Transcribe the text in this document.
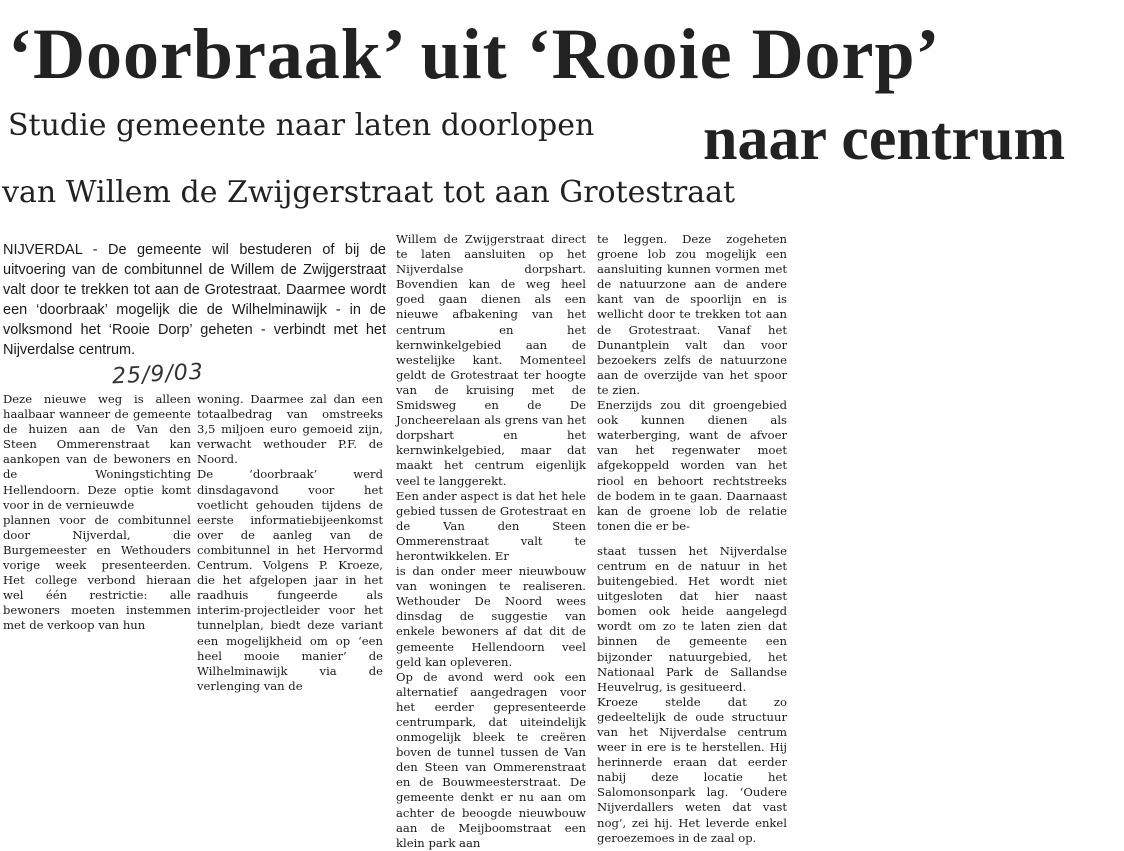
‘Doorbraak’ uit ‘Rooie Dorp’
Studie gemeente naar laten doorlopen naar centrum
van Willem de Zwijgerstraat tot aan Grotestraat

NIJVERDAL - De gemeente wil bestuderen of bij de uitvoering van de combitunnel de Willem de Zwijgerstraat valt door te trekken tot aan de Grotestraat. Daarmee wordt een ‘doorbraak’ mogelijk die de Wilhelminawijk - in de volksmond het ‘Rooie Dorp’ geheten - verbindt met het Nijverdalse centrum.

25/9/03

Deze nieuwe weg is alleen haalbaar wanneer de gemeente de huizen aan de Van den Steen Ommerenstraat kan aankopen van de bewoners en de Woningstichting Hellendoorn. Deze optie komt voor in de vernieuwde

plannen voor de combitunnel door Nijverdal, die Burgemeester en Wethouders vorige week presenteerden. Het college verbond hieraan wel één restrictie: alle bewoners moeten instemmen met de verkoop van hun

woning. Daarmee zal dan een totaalbedrag van omstreeks 3,5 miljoen euro gemoeid zijn, verwacht wethouder P.F. de Noord.

De ‘doorbraak’ werd dinsdagavond voor het voetlicht gehouden tijdens de eerste informatiebijeenkomst over de aanleg van de combitunnel in het Hervormd Centrum. Volgens P. Kroeze, die het afgelopen jaar in het raadhuis fungeerde als interim-projectleider voor het tunnelplan, biedt deze variant een mogelijkheid om op ‘een heel mooie manier’ de Wilhelminawijk via de verlenging van de

Willem de Zwijgerstraat direct te laten aansluiten op het Nijverdalse dorpshart. Bovendien kan de weg heel goed gaan dienen als een nieuwe afbakening van het centrum en het kernwinkelgebied aan de westelijke kant. Momenteel geldt de Grotestraat ter hoogte van de kruising met de Smidsweg en de De Joncheerelaan als grens van het dorpshart en het kernwinkelgebied, maar dat maakt het centrum eigenlijk veel te langgerekt.

Een ander aspect is dat het hele gebied tussen de Grotestraat en de Van den Steen Ommerenstraat valt te herontwikkelen. Er

is dan onder meer nieuwbouw van woningen te realiseren. Wethouder De Noord wees dinsdag de suggestie van enkele bewoners af dat dit de gemeente Hellendoorn veel geld kan opleveren.

Op de avond werd ook een alternatief aangedragen voor het eerder gepresenteerde centrumpark, dat uiteindelijk onmogelijk bleek te creëren boven de tunnel tussen de Van den Steen van Ommerenstraat en de Bouwmeesterstraat. De gemeente denkt er nu aan om achter de beoogde nieuwbouw aan de Meijboomstraat een klein park aan

te leggen. Deze zogeheten groene lob zou mogelijk een aansluiting kunnen vormen met de natuurzone aan de andere kant van de spoorlijn en is wellicht door te trekken tot aan de Grotestraat. Vanaf het Dunantplein valt dan voor bezoekers zelfs de natuurzone aan de overzijde van het spoor te zien.

Enerzijds zou dit groengebied ook kunnen dienen als waterberging, want de afvoer van het regenwater moet afgekoppeld worden van het riool en behoort rechtstreeks de bodem in te gaan. Daarnaast kan de groene lob de relatie tonen die er be-

staat tussen het Nijverdalse centrum en de natuur in het buitengebied. Het wordt niet uitgesloten dat hier naast bomen ook heide aangelegd wordt om zo te laten zien dat binnen de gemeente een bijzonder natuurgebied, het Nationaal Park de Sallandse Heuvelrug, is gesitueerd.

Kroeze stelde dat zo gedeeltelijk de oude structuur van het Nijverdalse centrum weer in ere is te herstellen. Hij herinnerde eraan dat eerder nabij deze locatie het Salomonsonpark lag. ‘Oudere Nijverdallers weten dat vast nog’, zei hij. Het leverde enkel geroezemoes in de zaal op.
